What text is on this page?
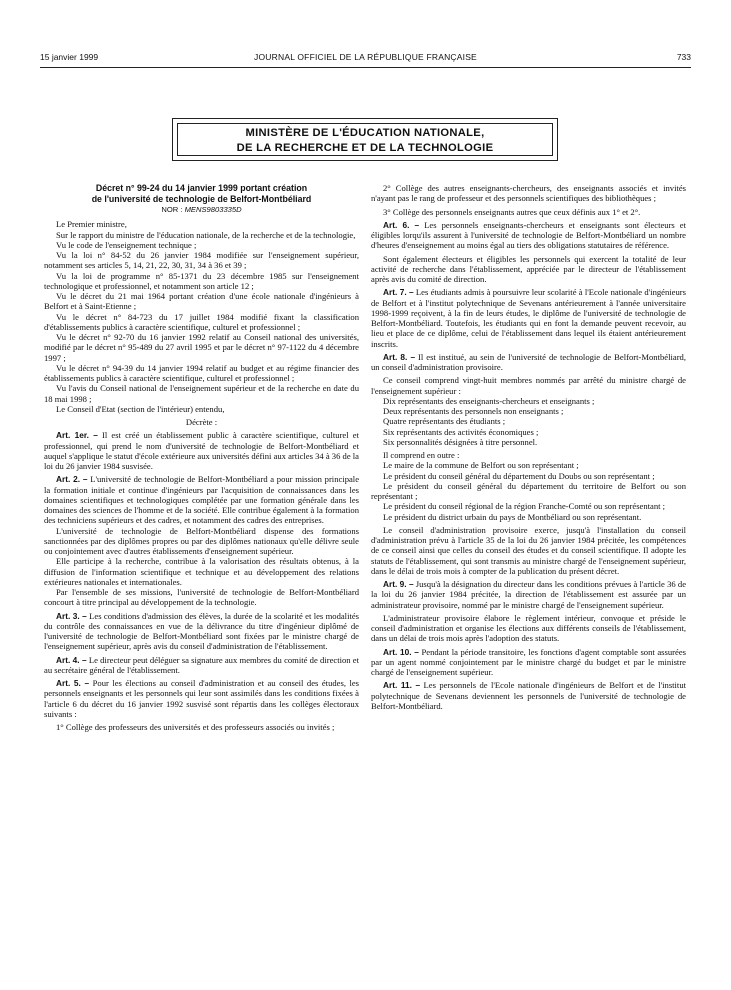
15 janvier 1999	JOURNAL OFFICIEL DE LA RÉPUBLIQUE FRANÇAISE	733
MINISTÈRE DE L'ÉDUCATION NATIONALE,
DE LA RECHERCHE ET DE LA TECHNOLOGIE
Décret n° 99-24 du 14 janvier 1999 portant création
de l'université de technologie de Belfort-Montbéliard
NOR : MENS9803335D

Le Premier ministre,

Sur le rapport du ministre de l'éducation nationale, de la recherche et de la technologie,

Vu le code de l'enseignement technique ;

Vu la loi n° 84-52 du 26 janvier 1984 modifiée sur l'enseignement supérieur, notamment ses articles 5, 14, 21, 22, 30, 31, 34 à 36 et 39 ;

Vu la loi de programme n° 85-1371 du 23 décembre 1985 sur l'enseignement technologique et professionnel, et notamment son article 12 ;

Vu le décret du 21 mai 1964 portant création d'une école nationale d'ingénieurs à Belfort et à Saint-Etienne ;

Vu le décret n° 84-723 du 17 juillet 1984 modifié fixant la classification d'établissements publics à caractère scientifique, culturel et professionnel ;

Vu le décret n° 92-70 du 16 janvier 1992 relatif au Conseil national des universités, modifié par le décret n° 95-489 du 27 avril 1995 et par le décret n° 97-1122 du 4 décembre 1997 ;

Vu le décret n° 94-39 du 14 janvier 1994 relatif au budget et au régime financier des établissements publics à caractère scientifique, culturel et professionnel ;

Vu l'avis du Conseil national de l'enseignement supérieur et de la recherche en date du 18 mai 1998 ;

Le Conseil d'Etat (section de l'intérieur) entendu,

Décrète :

Art. 1er. – Il est créé un établissement public à caractère scientifique, culturel et professionnel, qui prend le nom d'université de technologie de Belfort-Montbéliard et auquel s'applique le statut d'école extérieure aux universités défini aux articles 34 à 36 de la loi du 26 janvier 1984 susvisée.

Art. 2. – L'université de technologie de Belfort-Montbéliard a pour mission principale la formation initiale et continue d'ingénieurs par l'acquisition de connaissances dans les domaines scientifiques et technologiques complétée par une formation générale dans les domaines des sciences de l'homme et de la société. Elle contribue également à la formation des techniciens supérieurs et des cadres, et notamment des cadres des entreprises.

L'université de technologie de Belfort-Montbéliard dispense des formations sanctionnées par des diplômes propres ou par des diplômes nationaux qu'elle délivre seule ou conjointement avec d'autres établissements d'enseignement supérieur.

Elle participe à la recherche, contribue à la valorisation des résultats obtenus, à la diffusion de l'information scientifique et technique et au développement des relations extérieures nationales et internationales.

Par l'ensemble de ses missions, l'université de technologie de Belfort-Montbéliard concourt à titre principal au développement de la technologie.

Art. 3. – Les conditions d'admission des élèves, la durée de la scolarité et les modalités du contrôle des connaissances en vue de la délivrance du titre d'ingénieur diplômé de l'université de technologie de Belfort-Montbéliard sont fixées par le ministre chargé de l'enseignement supérieur, après avis du conseil d'administration de l'établissement.

Art. 4. – Le directeur peut déléguer sa signature aux membres du comité de direction et au secrétaire général de l'établissement.

Art. 5. – Pour les élections au conseil d'administration et au conseil des études, les personnels enseignants et les personnels qui leur sont assimilés dans les conditions fixées à l'article 6 du décret du 16 janvier 1992 susvisé sont répartis dans les collèges électoraux suivants :

1° Collège des professeurs des universités et des professeurs associés ou invités ;

2° Collège des autres enseignants-chercheurs, des enseignants associés et invités n'ayant pas le rang de professeur et des personnels scientifiques des bibliothèques ;

3° Collège des personnels enseignants autres que ceux définis aux 1° et 2°.

Art. 6. – Les personnels enseignants-chercheurs et enseignants sont électeurs et éligibles lorqu'ils assurent à l'université de technologie de Belfort-Montbéliard un nombre d'heures d'enseignement au moins égal au tiers des obligations statutaires de référence.

Sont également électeurs et éligibles les personnels qui exercent la totalité de leur activité de recherche dans l'établissement, appréciée par le directeur de l'établissement après avis du comité de direction.

Art. 7. – Les étudiants admis à poursuivre leur scolarité à l'Ecole nationale d'ingénieurs de Belfort et à l'institut polytechnique de Sevenans antérieurement à l'année universitaire 1998-1999 reçoivent, à la fin de leurs études, le diplôme de l'université de technologie de Belfort-Montbéliard. Toutefois, les étudiants qui en font la demande peuvent recevoir, au lieu et place de ce diplôme, celui de l'établissement dans lequel ils étaient antérieurement inscrits.

Art. 8. – Il est institué, au sein de l'université de technologie de Belfort-Montbéliard, un conseil d'administration provisoire.

Ce conseil comprend vingt-huit membres nommés par arrêté du ministre chargé de l'enseignement supérieur :

Dix représentants des enseignants-chercheurs et enseignants ;

Deux représentants des personnels non enseignants ;

Quatre représentants des étudiants ;

Six représentants des activités économiques ;

Six personnalités désignées à titre personnel.

Il comprend en outre :

Le maire de la commune de Belfort ou son représentant ;

Le président du conseil général du département du Doubs ou son représentant ;

Le président du conseil général du département du territoire de Belfort ou son représentant ;

Le président du conseil régional de la région Franche-Comté ou son représentant ;

Le président du district urbain du pays de Montbéliard ou son représentant.

Le conseil d'administration provisoire exerce, jusqu'à l'installation du conseil d'administration prévu à l'article 35 de la loi du 26 janvier 1984 précitée, les compétences de ce conseil ainsi que celles du conseil des études et du conseil scientifique. Il adopte les statuts de l'établissement, qui sont transmis au ministre chargé de l'enseignement supérieur, dans le délai de trois mois à compter de la publication du présent décret.

Art. 9. – Jusqu'à la désignation du directeur dans les conditions prévues à l'article 36 de la loi du 26 janvier 1984 précitée, la direction de l'établissement est assurée par un administrateur provisoire, nommé par le ministre chargé de l'enseignement supérieur.

L'administrateur provisoire élabore le règlement intérieur, convoque et préside le conseil d'administration et organise les élections aux différents conseils de l'établissement, dans un délai de trois mois après l'adoption des statuts.

Art. 10. – Pendant la période transitoire, les fonctions d'agent comptable sont assurées par un agent nommé conjointement par le ministre chargé du budget et par le ministre chargé de l'enseignement supérieur.

Art. 11. – Les personnels de l'Ecole nationale d'ingénieurs de Belfort et de l'institut polytechnique de Sevenans deviennent les personnels de l'université de technologie de Belfort-Montbéliard.
